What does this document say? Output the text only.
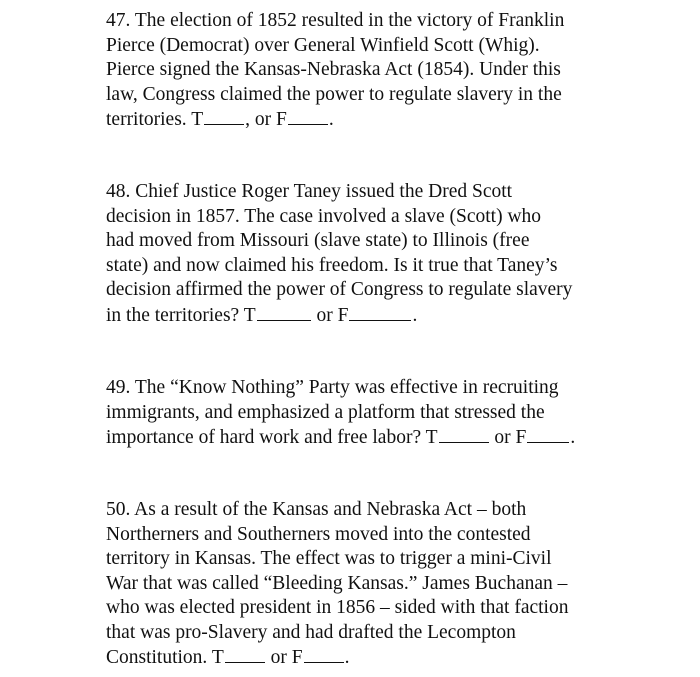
47. The election of 1852 resulted in the victory of Franklin
Pierce (Democrat) over General Winfield Scott (Whig).
Pierce signed the Kansas-Nebraska Act (1854). Under this
law, Congress claimed the power to regulate slavery in the
territories. T , or F .
48. Chief Justice Roger Taney issued the Dred Scott
decision in 1857. The case involved a slave (Scott) who
had moved from Missouri (slave state) to Illinois (free
state) and now claimed his freedom. Is it true that Taney’s
decision affirmed the power of Congress to regulate slavery
in the territories? T	or F	.
49. The “Know Nothing” Party was effective in recruiting
immigrants, and emphasized a platform that stressed the
importance of hard work and free labor? T	or F .
50. As a result of the Kansas and Nebraska Act – both
Northerners and Southerners moved into the contested
territory in Kansas. The effect was to trigger a mini-Civil
War that was called “Bleeding Kansas.” James Buchanan –
who was elected president in 1856 – sided with that faction
that was pro-Slavery and had drafted the Lecompton
Constitution. T or F .
